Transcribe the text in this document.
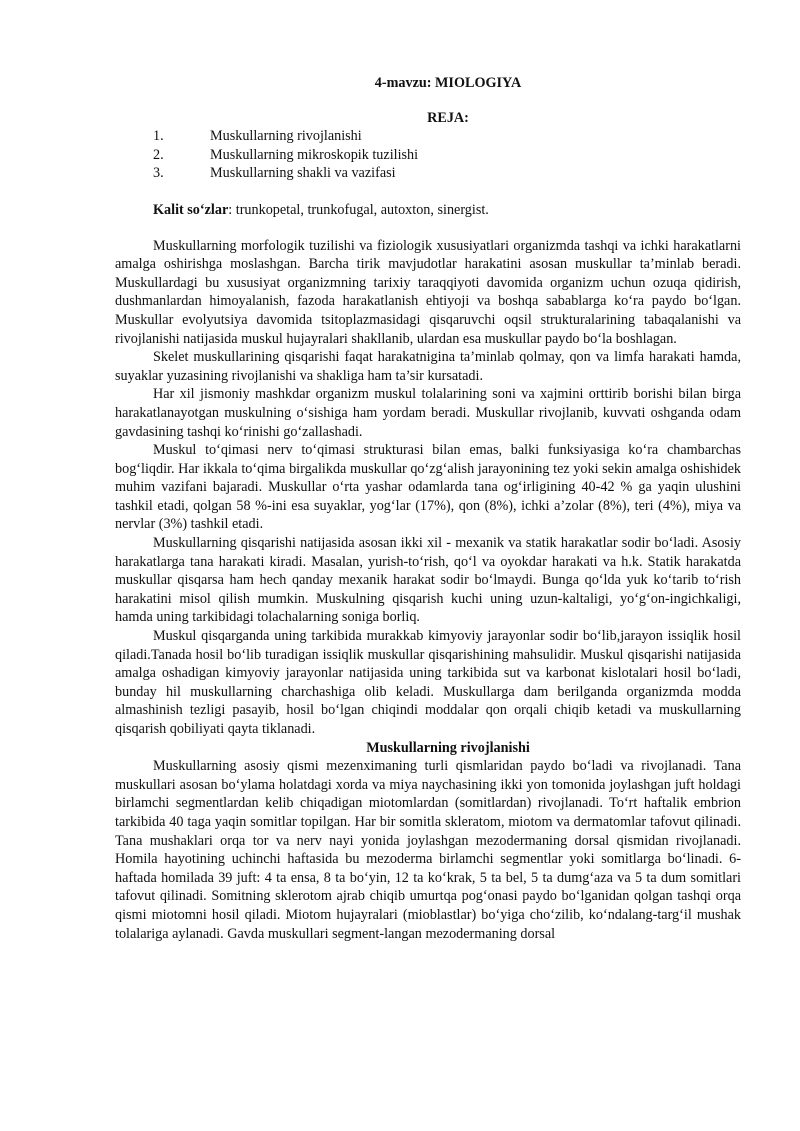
4-mavzu: MIOLOGIYA
REJA:
1.	Muskullarning rivojlanishi
2.	Muskullarning mikroskopik tuzilishi
3.	Muskullarning shakli va vazifasi
Kalit so‘zlar: trunkopetal, trunkofugal, autoxton, sinergist.

Muskullarning morfologik tuzilishi va fiziologik xususiyatlari organizmda tashqi va ichki harakatlarni amalga oshirishga moslashgan. Barcha tirik mavjudotlar harakatini asosan muskullar ta’minlab beradi. Muskullardagi bu xususiyat organizmning tarixiy taraqqiyoti davomida organizm uchun ozuqa qidirish, dushmanlardan himoyalanish, fazoda harakatlanish ehtiyoji va boshqa sabablarga ko‘ra paydo bo‘lgan. Muskullar evolyutsiya davomida tsitoplazmasidagi qisqaruvchi oqsil strukturalarining tabaqalanishi va rivojlanishi natijasida muskul hujayralari shakllanib, ulardan esa muskullar paydo bo‘la boshlagan.

Skelet muskullarining qisqarishi faqat harakatnigina ta’minlab qolmay, qon va limfa harakati hamda, suyaklar yuzasining rivojlanishi va shakliga ham ta’sir kursatadi.

Har xil jismoniy mashkdar organizm muskul tolalarining soni va xajmini orttirib borishi bilan birga harakatlanayotgan muskulning o‘sishiga ham yordam beradi. Muskullar rivojlanib, kuvvati oshganda odam gavdasining tashqi ko‘rinishi go‘zallashadi.

Muskul to‘qimasi nerv to‘qimasi strukturasi bilan emas, balki funksiyasiga ko‘ra chambarchas bog‘liqdir. Har ikkala to‘qima birgalikda muskullar qo‘zg‘alish jarayonining tez yoki sekin amalga oshishidek muhim vazifani bajaradi. Muskullar o‘rta yashar odamlarda tana og‘irligining 40-42 % ga yaqin ulushini tashkil etadi, qolgan 58 %-ini esa suyaklar, yog‘lar (17%), qon (8%), ichki a’zolar (8%), teri (4%), miya va nervlar (3%) tashkil etadi.

Muskullarning qisqarishi natijasida asosan ikki xil - mexanik va statik harakatlar sodir bo‘ladi. Asosiy harakatlarga tana harakati kiradi. Masalan, yurish-to‘rish, qo‘l va oyokdar harakati va h.k. Statik harakatda muskullar qisqarsa ham hech qanday mexanik harakat sodir bo‘lmaydi. Bunga qo‘lda yuk ko‘tarib to‘rish harakatini misol qilish mumkin. Muskulning qisqarish kuchi uning uzun-kaltaligi, yo‘g‘on-ingichkaligi, hamda uning tarkibidagi tolachalarning soniga borliq.

Muskul qisqarganda uning tarkibida murakkab kimyoviy jarayonlar sodir bo‘lib,jarayon issiqlik hosil qiladi.Tanada hosil bo‘lib turadigan issiqlik muskullar qisqarishining mahsulidir. Muskul qisqarishi natijasida amalga oshadigan kimyoviy jarayonlar natijasida uning tarkibida sut va karbonat kislotalari hosil bo‘ladi, bunday hil muskullarning charchashiga olib keladi. Muskullarga dam berilganda organizmda modda almashinish tezligi pasayib, hosil bo‘lgan chiqindi moddalar qon orqali chiqib ketadi va muskullarning qisqarish qobiliyati qayta tiklanadi.

Muskullarning rivojlanishi

Muskullarning asosiy qismi mezenximaning turli qismlaridan paydo bo‘ladi va rivojlanadi. Tana muskullari asosan bo‘ylama holatdagi xorda va miya naychasining ikki yon tomonida joylashgan juft holdagi birlamchi segmentlardan kelib chiqadigan miotomlardan (somitlardan) rivojlanadi. To‘rt haftalik embrion tarkibida 40 taga yaqin somitlar topilgan. Har bir somitla skleratom, miotom va dermatomlar tafovut qilinadi. Tana mushaklari orqa tor va nerv nayi yonida joylashgan mezodermaning dorsal qismidan rivojlanadi. Homila hayotining uchinchi haftasida bu mezoderma birlamchi segmentlar yoki somitlarga bo‘linadi. 6-haftada homilada 39 juft: 4 ta ensa, 8 ta bo‘yin, 12 ta ko‘krak, 5 ta bel, 5 ta dumg‘aza va 5 ta dum somitlari tafovut qilinadi. Somitning sklerotom ajrab chiqib umurtqa pog‘onasi paydo bo‘lganidan qolgan tashqi orqa qismi miotomni hosil qiladi. Miotom hujayralari (mioblastlar) bo‘yiga cho‘zilib, ko‘ndalang-targ‘il mushak tolalariga aylanadi. Gavda muskullari segment-langan mezodermaning dorsal
